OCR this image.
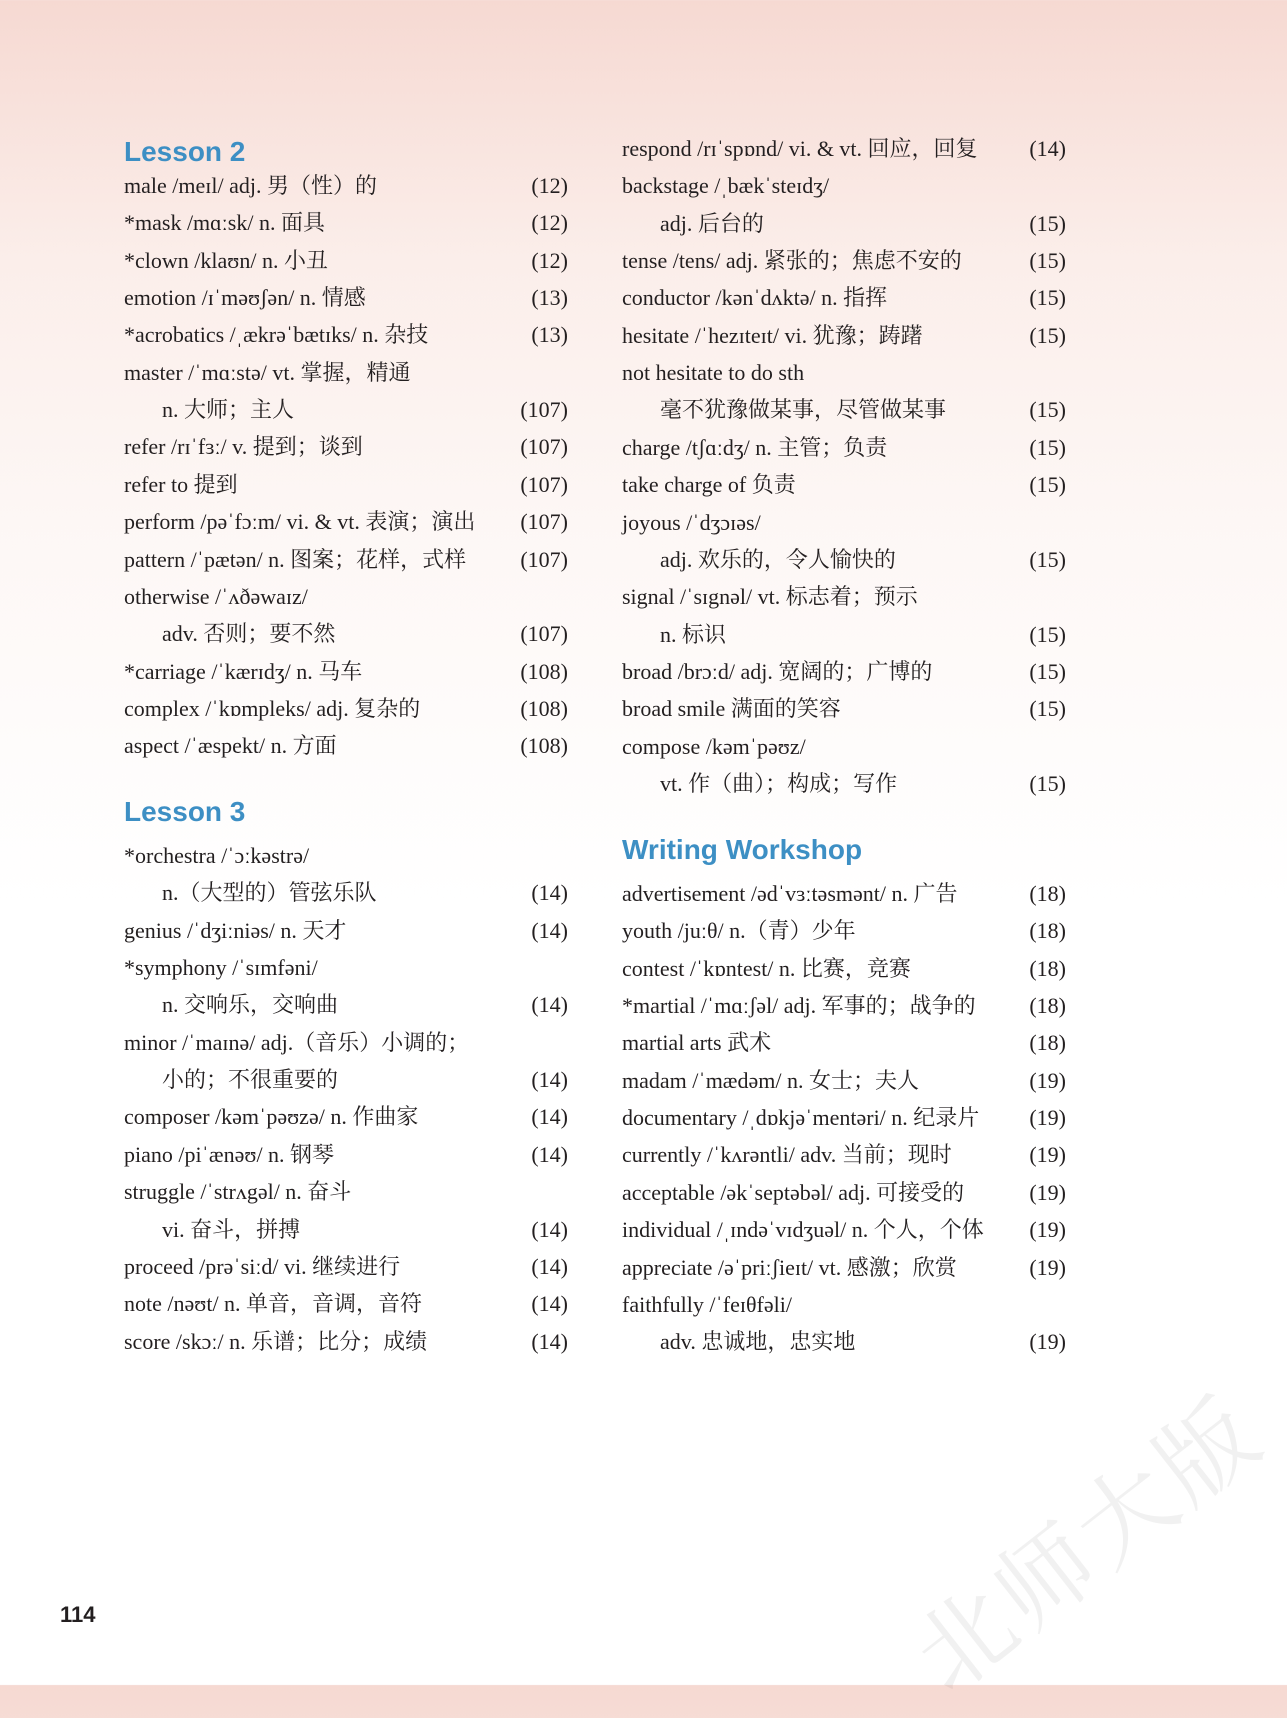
Lesson 2
male /meɪl/ adj. 男（性）的	(12)
*mask /mɑːsk/ n. 面具	(12)
*clown /klaʊn/ n. 小丑	(12)
emotion /ɪˈməʊʃən/ n. 情感	(13)
*acrobatics /ˌækrəˈbætɪks/ n. 杂技	(13)
master /ˈmɑːstə/ vt. 掌握，精通
n. 大师；主人	(107)
refer /rɪˈfɜː/ v. 提到；谈到	(107)
refer to 提到	(107)
perform /pəˈfɔːm/ vi. & vt. 表演；演出 (107)
pattern /ˈpætən/ n. 图案；花样，式样 (107)
otherwise /ˈʌðəwaɪz/
adv. 否则；要不然	(107)
*carriage /ˈkærɪdʒ/ n. 马车	(108)
complex /ˈkɒmpleks/ adj. 复杂的	(108)
aspect /ˈæspekt/ n. 方面	(108)
Lesson 3
*orchestra /ˈɔːkəstrə/
n.（大型的）管弦乐队	(14)
genius /ˈdʒiːniəs/ n. 天才	(14)
*symphony /ˈsɪmfəni/
n. 交响乐，交响曲	(14)
minor /ˈmaɪnə/ adj.（音乐）小调的；
小的；不很重要的	(14)
composer /kəmˈpəʊzə/ n. 作曲家	(14)
piano /piˈænəʊ/ n. 钢琴	(14)
struggle /ˈstrʌgəl/ n. 奋斗
vi. 奋斗，拼搏	(14)
proceed /prəˈsiːd/ vi. 继续进行	(14)
note /nəʊt/ n. 单音，音调，音符	(14)
score /skɔː/ n. 乐谱；比分；成绩	(14)
respond /rɪˈspɒnd/ vi. & vt. 回应，回复 (14)
backstage /ˌbækˈsteɪdʒ/
adj. 后台的	(15)
tense /tens/ adj. 紧张的；焦虑不安的	(15)
conductor /kənˈdʌktə/ n. 指挥	(15)
hesitate /ˈhezɪteɪt/ vi. 犹豫；踌躇	(15)
not hesitate to do sth
毫不犹豫做某事，尽管做某事	(15)
charge /tʃɑːdʒ/ n. 主管；负责	(15)
take charge of 负责	(15)
joyous /ˈdʒɔɪəs/
adj. 欢乐的，令人愉快的	(15)
signal /ˈsɪgnəl/ vt. 标志着；预示
n. 标识	(15)
broad /brɔːd/ adj. 宽阔的；广博的	(15)
broad smile 满面的笑容	(15)
compose /kəmˈpəʊz/
vt. 作（曲）；构成；写作	(15)
Writing Workshop
advertisement /ədˈvɜːtəsmənt/ n. 广告	(18)
youth /juːθ/ n.（青）少年	(18)
contest /ˈkɒntest/ n. 比赛，竞赛	(18)
*martial /ˈmɑːʃəl/ adj. 军事的；战争的 (18)
martial arts 武术	(18)
madam /ˈmædəm/ n. 女士；夫人	(19)
documentary /ˌdɒkjəˈmentəri/ n. 纪录片 (19)
currently /ˈkʌrəntli/ adv. 当前；现时	(19)
acceptable /əkˈseptəbəl/ adj. 可接受的	(19)
individual /ˌɪndəˈvɪdʒuəl/ n. 个人，个体 (19)
appreciate /əˈpriːʃieɪt/ vt. 感激；欣赏	(19)
faithfully /ˈfeɪθfəli/
adv. 忠诚地，忠实地	(19)
114	北师大版
